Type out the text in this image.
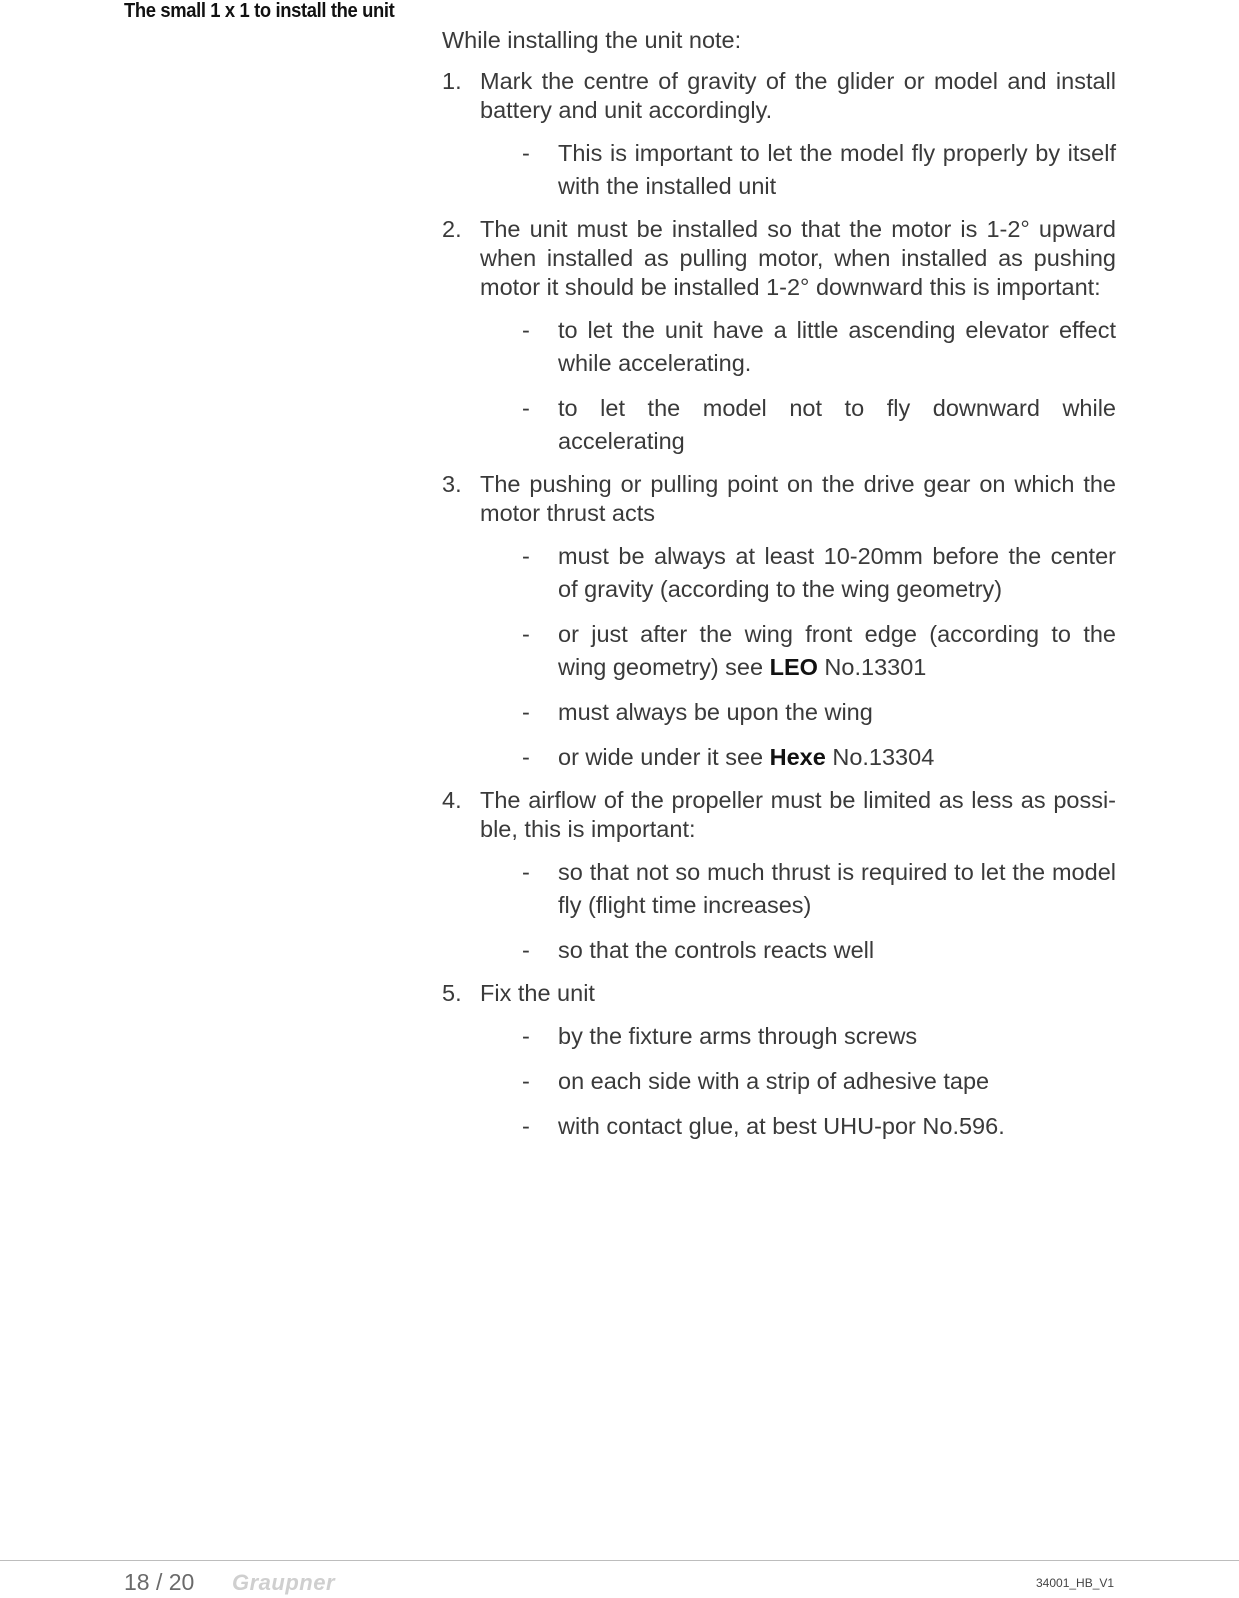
The small 1 x 1 to install the unit
While installing the unit note:
1. Mark the centre of gravity of the glider or model and install battery and unit accordingly.
- This is important to let the model fly properly by itself with the installed unit
2. The unit must be installed so that the motor is 1-2° upward when installed as pulling motor, when installed as pushing motor it should be installed 1-2° downward this is important:
- to let the unit have a little ascending elevator effect while accelerating.
- to let the model not to fly downward while accelerating
3. The pushing or pulling point on the drive gear on which the motor thrust acts
- must be always at least 10-20mm before the center of gravity (according to the wing geometry)
- or just after the wing front edge (according to the wing geometry) see LEO No.13301
- must always be upon the wing
- or wide under it see Hexe No.13304
4. The airflow of the propeller must be limited as less as possi-ble, this is important:
- so that not so much thrust is required to let the model fly (flight time increases)
- so that the controls reacts well
5. Fix the unit
- by the fixture arms through screws
- on each side with a strip of adhesive tape
- with contact glue, at best UHU-por No.596.
18 / 20 Graupner	34001_HB_V1
